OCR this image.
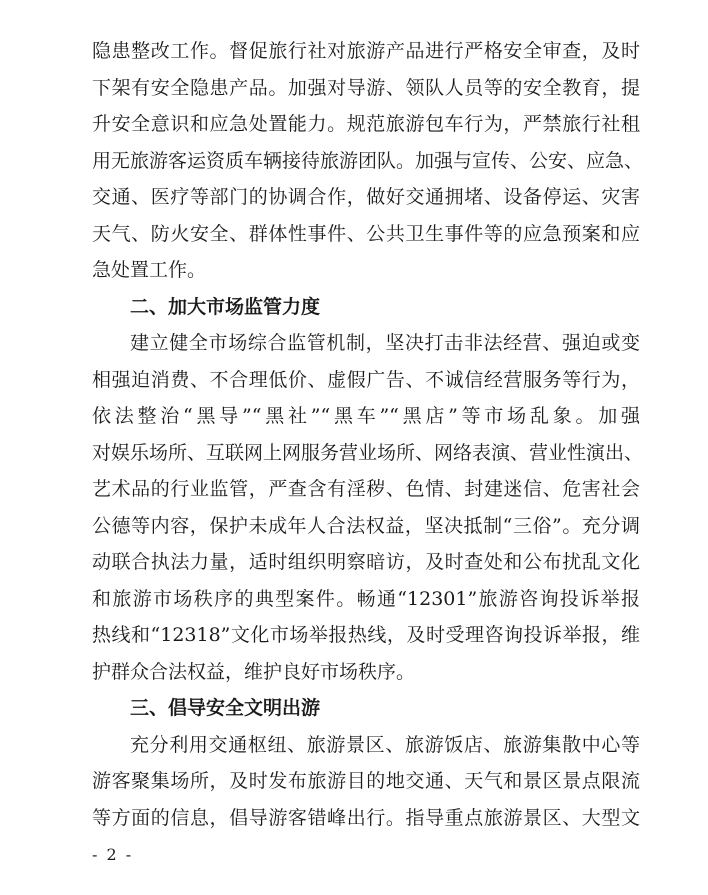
隐患整改工作。督促旅行社对旅游产品进行严格安全审查，及时
下架有安全隐患产品。加强对导游、领队人员等的安全教育，提
升安全意识和应急处置能力。规范旅游包车行为，严禁旅行社租
用无旅游客运资质车辆接待旅游团队。加强与宣传、公安、应急、
交通、医疗等部门的协调合作，做好交通拥堵、设备停运、灾害
天气、防火安全、群体性事件、公共卫生事件等的应急预案和应
急处置工作。
二、加大市场监管力度
建立健全市场综合监管机制，坚决打击非法经营、强迫或变
相强迫消费、不合理低价、虚假广告、不诚信经营服务等行为，
依法整治“黑导”“黑社”“黑车”“黑店”等市场乱象。加强
对娱乐场所、互联网上网服务营业场所、网络表演、营业性演出、
艺术品的行业监管，严查含有淫秽、色情、封建迷信、危害社会
公德等内容，保护未成年人合法权益，坚决抵制“三俗”。充分调
动联合执法力量，适时组织明察暗访，及时查处和公布扰乱文化
和旅游市场秩序的典型案件。畅通“12301”旅游咨询投诉举报
热线和“12318”文化市场举报热线，及时受理咨询投诉举报，维
护群众合法权益，维护良好市场秩序。
三、倡导安全文明出游
充分利用交通枢纽、旅游景区、旅游饭店、旅游集散中心等
游客聚集场所，及时发布旅游目的地交通、天气和景区景点限流
等方面的信息，倡导游客错峰出行。指导重点旅游景区、大型文
- 2 -
